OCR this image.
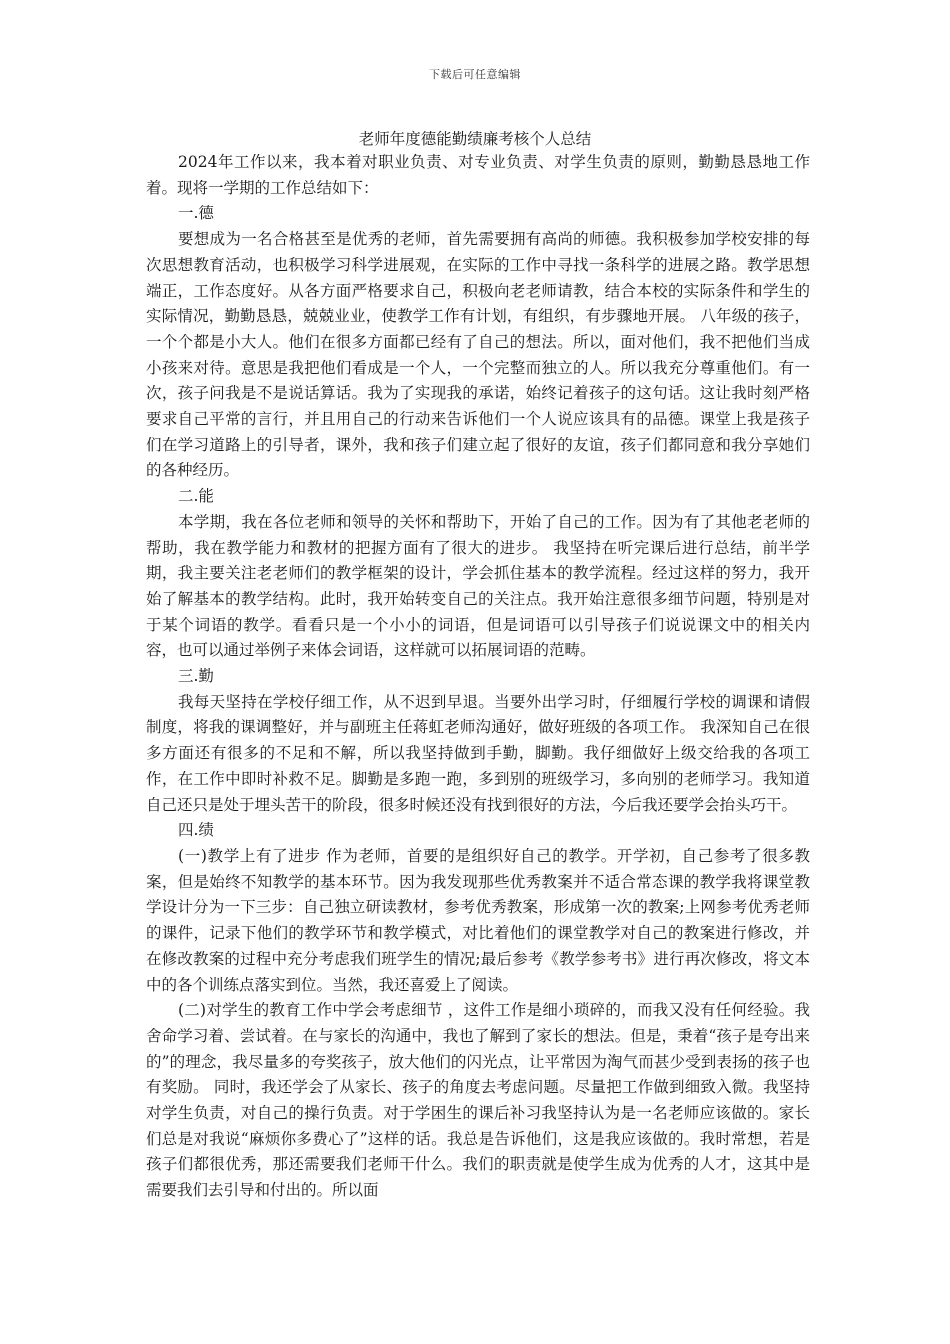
下载后可任意编辑
老师年度德能勤绩廉考核个人总结

2024年工作以来，我本着对职业负责、对专业负责、对学生负责的原则，勤勤恳恳地工作着。现将一学期的工作总结如下：

一.德

要想成为一名合格甚至是优秀的老师，首先需要拥有高尚的师德。我积极参加学校安排的每次思想教育活动，也积极学习科学进展观，在实际的工作中寻找一条科学的进展之路。教学思想端正，工作态度好。从各方面严格要求自己，积极向老老师请教，结合本校的实际条件和学生的实际情况，勤勤恳恳，兢兢业业，使教学工作有计划，有组织，有步骤地开展。 八年级的孩子，一个个都是小大人。他们在很多方面都已经有了自己的想法。所以，面对他们，我不把他们当成小孩来对待。意思是我把他们看成是一个人，一个完整而独立的人。所以我充分尊重他们。有一次，孩子问我是不是说话算话。我为了实现我的承诺，始终记着孩子的这句话。这让我时刻严格要求自己平常的言行，并且用自己的行动来告诉他们一个人说应该具有的品德。课堂上我是孩子们在学习道路上的引导者，课外，我和孩子们建立起了很好的友谊，孩子们都同意和我分享她们的各种经历。

二.能

本学期，我在各位老师和领导的关怀和帮助下，开始了自己的工作。因为有了其他老老师的帮助，我在教学能力和教材的把握方面有了很大的进步。 我坚持在听完课后进行总结，前半学期，我主要关注老老师们的教学框架的设计，学会抓住基本的教学流程。经过这样的努力，我开始了解基本的教学结构。此时，我开始转变自己的关注点。我开始注意很多细节问题，特别是对于某个词语的教学。看看只是一个小小的词语，但是词语可以引导孩子们说说课文中的相关内容，也可以通过举例子来体会词语，这样就可以拓展词语的范畴。

三.勤

我每天坚持在学校仔细工作，从不迟到早退。当要外出学习时，仔细履行学校的调课和请假制度，将我的课调整好，并与副班主任蒋虹老师沟通好，做好班级的各项工作。 我深知自己在很多方面还有很多的不足和不解，所以我坚持做到手勤，脚勤。我仔细做好上级交给我的各项工作，在工作中即时补救不足。脚勤是多跑一跑，多到别的班级学习，多向别的老师学习。我知道自己还只是处于埋头苦干的阶段，很多时候还没有找到很好的方法，今后我还要学会抬头巧干。

四.绩

(一)教学上有了进步 作为老师，首要的是组织好自己的教学。开学初，自己参考了很多教案，但是始终不知教学的基本环节。因为我发现那些优秀教案并不适合常态课的教学我将课堂教学设计分为一下三步：自己独立研读教材，参考优秀教案，形成第一次的教案;上网参考优秀老师的课件，记录下他们的教学环节和教学模式，对比着他们的课堂教学对自己的教案进行修改，并在修改教案的过程中充分考虑我们班学生的情况;最后参考《教学参考书》进行再次修改，将文本中的各个训练点落实到位。当然，我还喜爱上了阅读。

(二)对学生的教育工作中学会考虑细节 ，这件工作是细小琐碎的，而我又没有任何经验。我舍命学习着、尝试着。在与家长的沟通中，我也了解到了家长的想法。但是，秉着“孩子是夸出来的”的理念，我尽量多的夸奖孩子，放大他们的闪光点，让平常因为淘气而甚少受到表扬的孩子也有奖励。 同时，我还学会了从家长、孩子的角度去考虑问题。尽量把工作做到细致入微。我坚持对学生负责，对自己的操行负责。对于学困生的课后补习我坚持认为是一名老师应该做的。家长们总是对我说“麻烦你多费心了”这样的话。我总是告诉他们，这是我应该做的。我时常想，若是孩子们都很优秀，那还需要我们老师干什么。我们的职责就是使学生成为优秀的人才，这其中是需要我们去引导和付出的。所以面
